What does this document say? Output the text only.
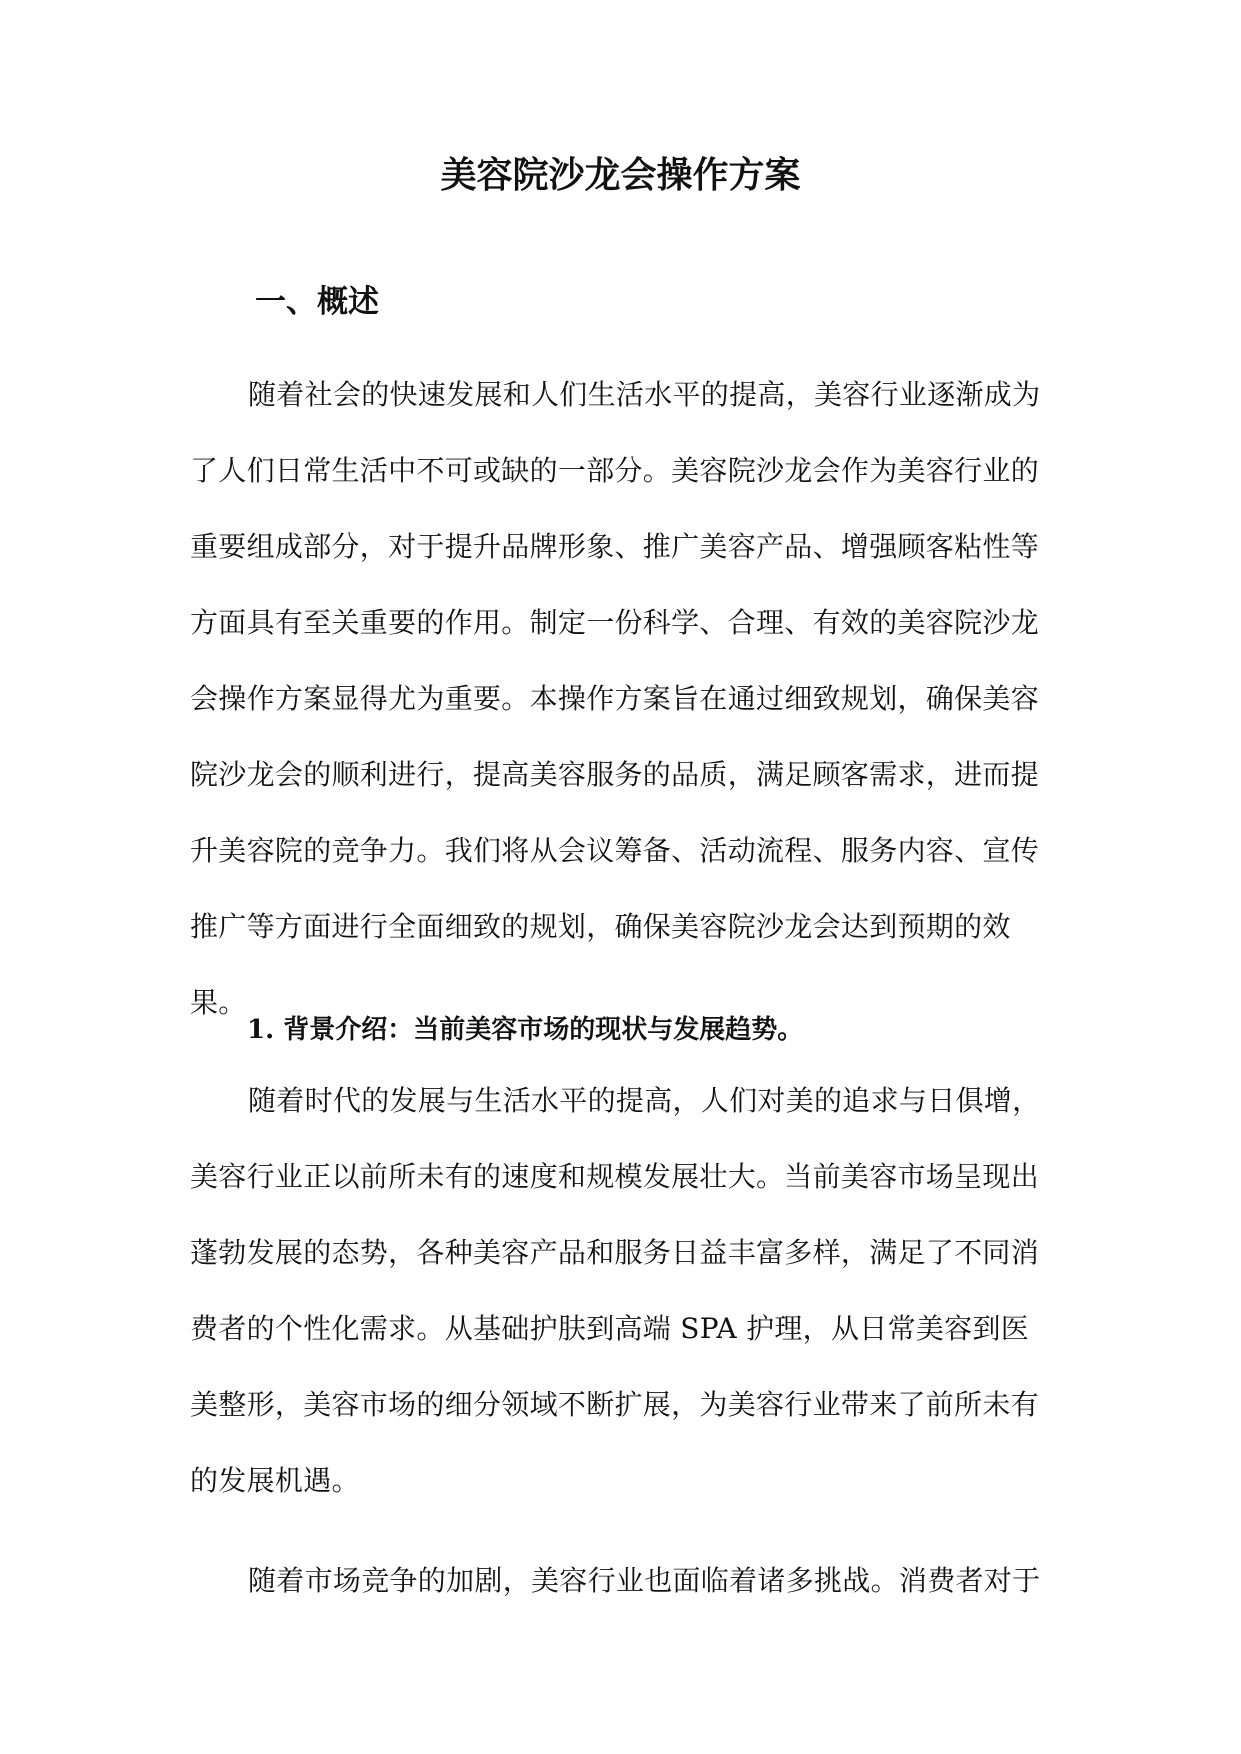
美容院沙龙会操作方案
一、概述

随着社会的快速发展和人们生活水平的提高，美容行业逐渐成为了人们日常生活中不可或缺的一部分。美容院沙龙会作为美容行业的重要组成部分，对于提升品牌形象、推广美容产品、增强顾客粘性等方面具有至关重要的作用。制定一份科学、合理、有效的美容院沙龙会操作方案显得尤为重要。本操作方案旨在通过细致规划，确保美容院沙龙会的顺利进行，提高美容服务的品质，满足顾客需求，进而提升美容院的竞争力。我们将从会议筹备、活动流程、服务内容、宣传推广等方面进行全面细致的规划，确保美容院沙龙会达到预期的效果。

1. 背景介绍：当前美容市场的现状与发展趋势。

随着时代的发展与生活水平的提高，人们对美的追求与日俱增，美容行业正以前所未有的速度和规模发展壮大。当前美容市场呈现出蓬勃发展的态势，各种美容产品和服务日益丰富多样，满足了不同消费者的个性化需求。从基础护肤到高端 SPA 护理，从日常美容到医美整形，美容市场的细分领域不断扩展，为美容行业带来了前所未有的发展机遇。

随着市场竞争的加剧，美容行业也面临着诸多挑战。消费者对于
